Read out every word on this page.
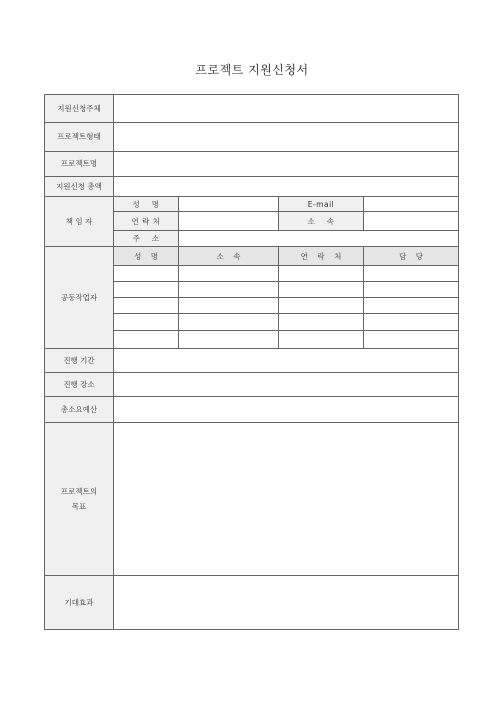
프로젝트 지원신청서
지원신청주체				
프로젝트형태				
프로젝트명				
지원신청 총액				
책 임 자	성    명		E-mail	
	연 락 처		소    속	
	주    소			
공동작업자	성    명	소    속	연    락    처	담    당

진행 기간				
진행 장소				
총소요예산				
프로젝트의
목표				
기대효과				
